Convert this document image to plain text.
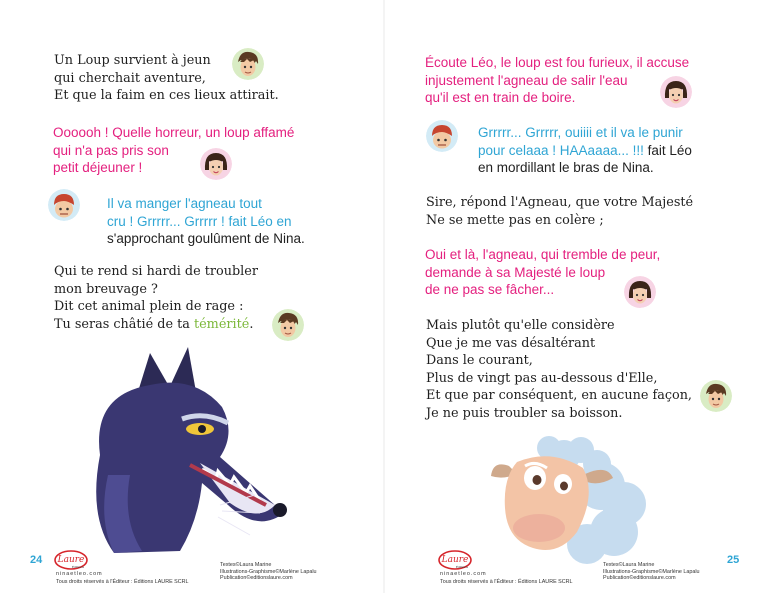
Un Loup survient à jeun
qui cherchait aventure,
Et que la faim en ces lieux attirait.
Oooooh ! Quelle horreur, un loup affamé
qui n'a pas pris son
petit déjeuner !
Il va manger l'agneau tout
cru ! Grrrrr... Grrrrr ! fait Léo en
s'approchant goulûment de Nina.
Qui te rend si hardi de troubler
mon breuvage ?
Dit cet animal plein de rage :
Tu seras châtié de ta témérité.
24 Laure
Éditions
ninaetleo.com
Tous droits réservés à l'Éditeur : Éditions LAURE SCRL
Textes©Laura Marine
Illustrations-Graphisme©Marlène Lapalu
Publication©editionslaure.com
Écoute Léo, le loup est fou furieux, il accuse
injustement l'agneau de salir l'eau
qu'il est en train de boire.
Grrrrr... Grrrrr, ouiiii et il va le punir
pour celaaa ! HAAaaaa... !!! fait Léo
en mordillant le bras de Nina.
Sire, répond l'Agneau, que votre Majesté
Ne se mette pas en colère ;
Oui et là, l'agneau, qui tremble de peur,
demande à sa Majesté le loup
de ne pas se fâcher...
Mais plutôt qu'elle considère
Que je me vas désaltérant
Dans le courant,
Plus de vingt pas au-dessous d'Elle,
Et que par conséquent, en aucune façon,
Je ne puis troubler sa boisson.
25
Laure
Éditions
ninaetleo.com
Tous droits réservés à l'Éditeur : Éditions LAURE SCRL
Textes©Laura Marine
Illustrations-Graphisme©Marlène Lapalu
Publication©editionslaure.com
